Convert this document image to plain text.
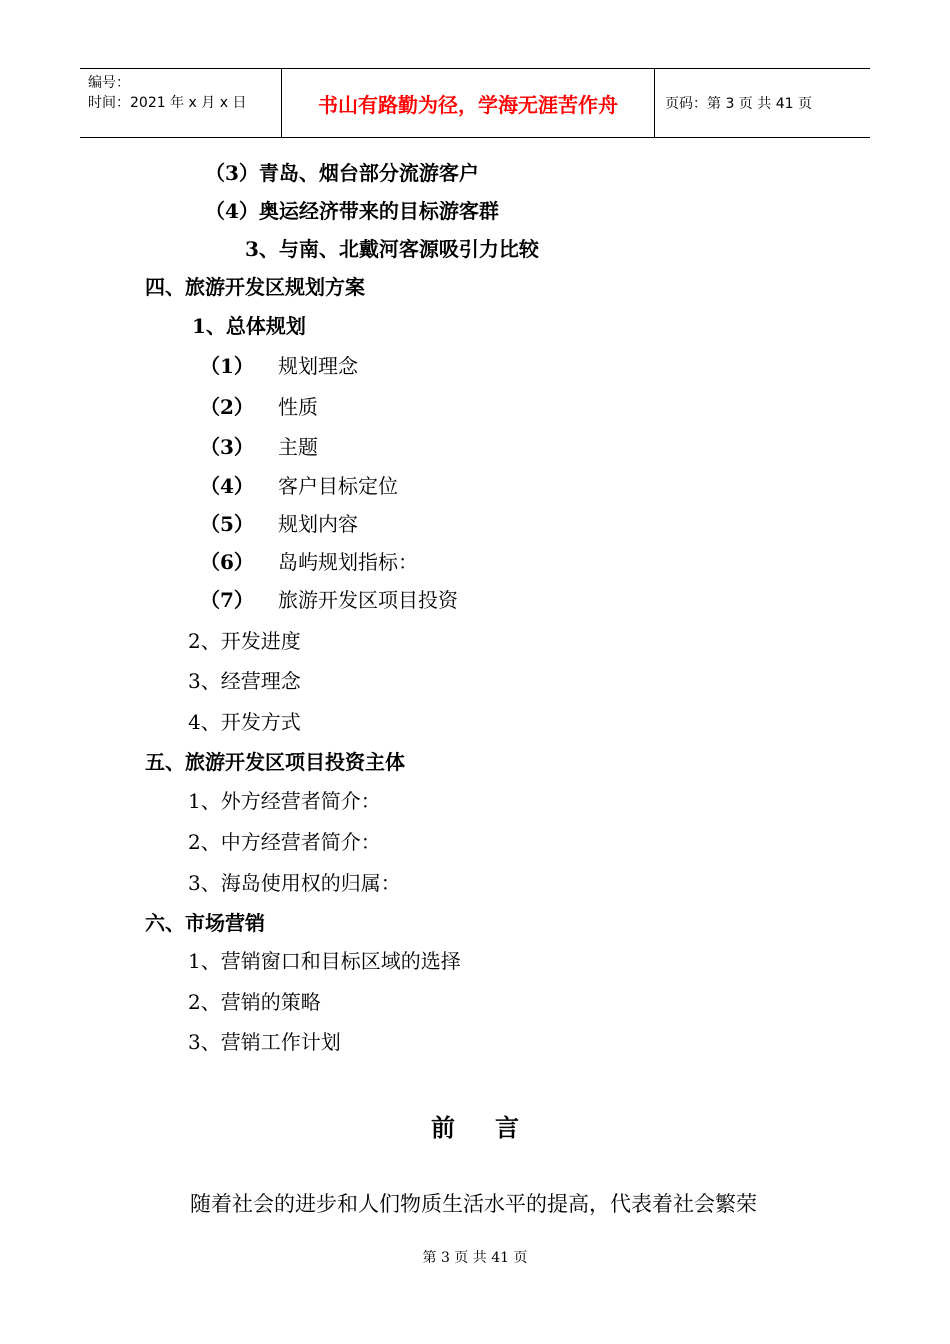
编号：
时间：2021 年 x 月 x 日	书山有路勤为径，学海无涯苦作舟	页码：第 3 页 共 41 页
（3）青岛、烟台部分流游客户
（4）奥运经济带来的目标游客群
3、与南、北戴河客源吸引力比较
四、旅游开发区规划方案
1、总体规划
（1） 规划理念
（2） 性质
（3） 主题
（4） 客户目标定位
（5） 规划内容
（6） 岛屿规划指标：
（7） 旅游开发区项目投资
2、开发进度
3、经营理念
4、开发方式
五、旅游开发区项目投资主体
1、外方经营者简介：
2、中方经营者简介：
3、海岛使用权的归属：
六、市场营销
1、营销窗口和目标区域的选择
2、营销的策略
3、营销工作计划
前言
随着社会的进步和人们物质生活水平的提高，代表着社会繁荣
第 3 页 共 41 页
